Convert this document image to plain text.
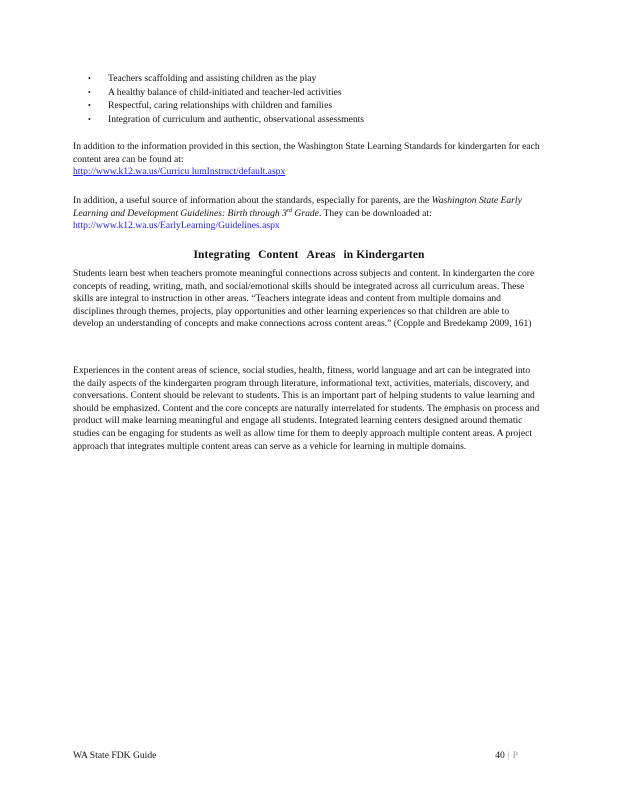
• Teachers scaffolding and assisting children as the play
• A healthy balance of child‑initiated and teacher‑led activities
• Respectful, caring relationships with children and families
• Integration of curriculum and authentic, observational assessments

In addition to the information provided in this section, the Washington State Learning Standards for kindergarten for each content area can be found at:
http://www.k12.wa.us/Curricu lumInstruct/default.aspx

In addition, a useful source of information about the standards, especially for parents, are the Washington State Early Learning and Development Guidelines: Birth through 3rd Grade. They can be downloaded at: http://www.k12.wa.us/EarlyLearning/Guidelines.aspx

Integrating Content Areas in Kindergarten

Students learn best when teachers promote meaningful connections across subjects and content. In kindergarten the core concepts of reading, writing, math, and social/emotional skills should be integrated across all curriculum areas. These skills are integral to instruction in other areas. “Teachers integrate ideas and content from multiple domains and disciplines through themes, projects, play opportunities and other learning experiences so that children are able to develop an understanding of concepts and make connections across content areas.” (Copple and Bredekamp 2009, 161)

Experiences in the content areas of science, social studies, health, fitness, world language and art can be integrated into the daily aspects of the kindergarten program through literature, informational text, activities, materials, discovery, and conversations. Content should be relevant to students. This is an important part of helping students to value learning and should be emphasized. Content and the core concepts are naturally interrelated for students. The emphasis on process and product will make learning meaningful and engage all students. Integrated learning centers designed around thematic studies can be engaging for students as well as allow time for them to deeply approach multiple content areas. A project approach that integrates multiple content areas can serve as a vehicle for learning in multiple domains.

WA State FDK Guide	40 | P
